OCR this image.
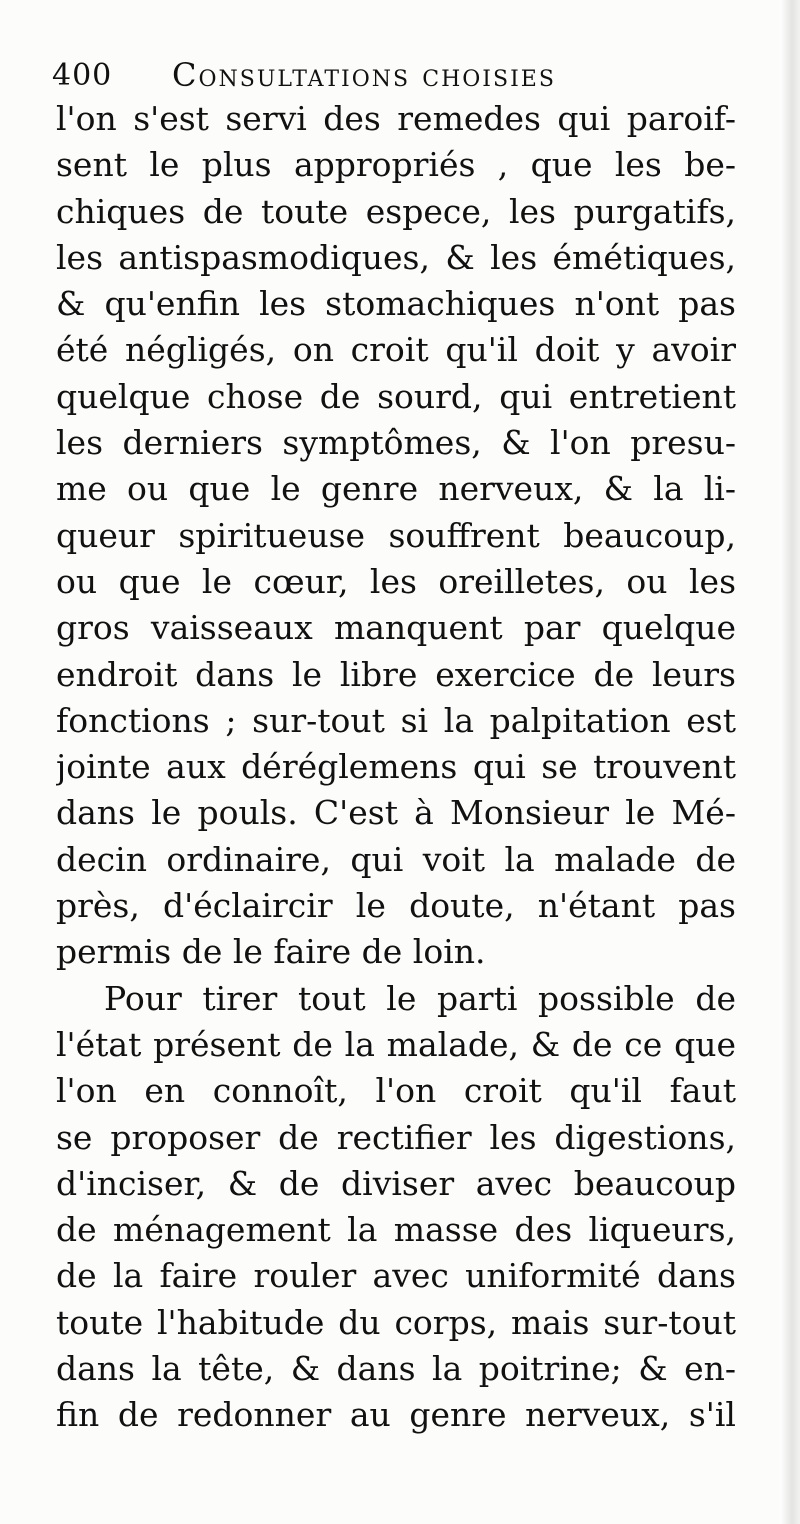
400 Consultations choisies
l'on s'est servi des remedes qui paroif-
sent le plus appropriés , que les be-
chiques de toute espece, les purgatifs,
les antispasmodiques, & les émétiques,
& qu'enfin les stomachiques n'ont pas
été négligés, on croit qu'il doit y avoir
quelque chose de sourd, qui entretient
les derniers symptômes, & l'on presu-
me ou que le genre nerveux, & la li-
queur spiritueuse souffrent beaucoup,
ou que le cœur, les oreilletes, ou les
gros vaisseaux manquent par quelque
endroit dans le libre exercice de leurs
fonctions ; sur-tout si la palpitation est
jointe aux déréglemens qui se trouvent
dans le pouls. C'est à Monsieur le Mé-
decin ordinaire, qui voit la malade de
près, d'éclaircir le doute, n'étant pas
permis de le faire de loin.
Pour tirer tout le parti possible de
l'état présent de la malade, & de ce que
l'on en connoît, l'on croit qu'il faut
se proposer de rectifier les digestions,
d'inciser, & de diviser avec beaucoup
de ménagement la masse des liqueurs,
de la faire rouler avec uniformité dans
toute l'habitude du corps, mais sur-tout
dans la tête, & dans la poitrine; & en-
fin de redonner au genre nerveux, s'il
